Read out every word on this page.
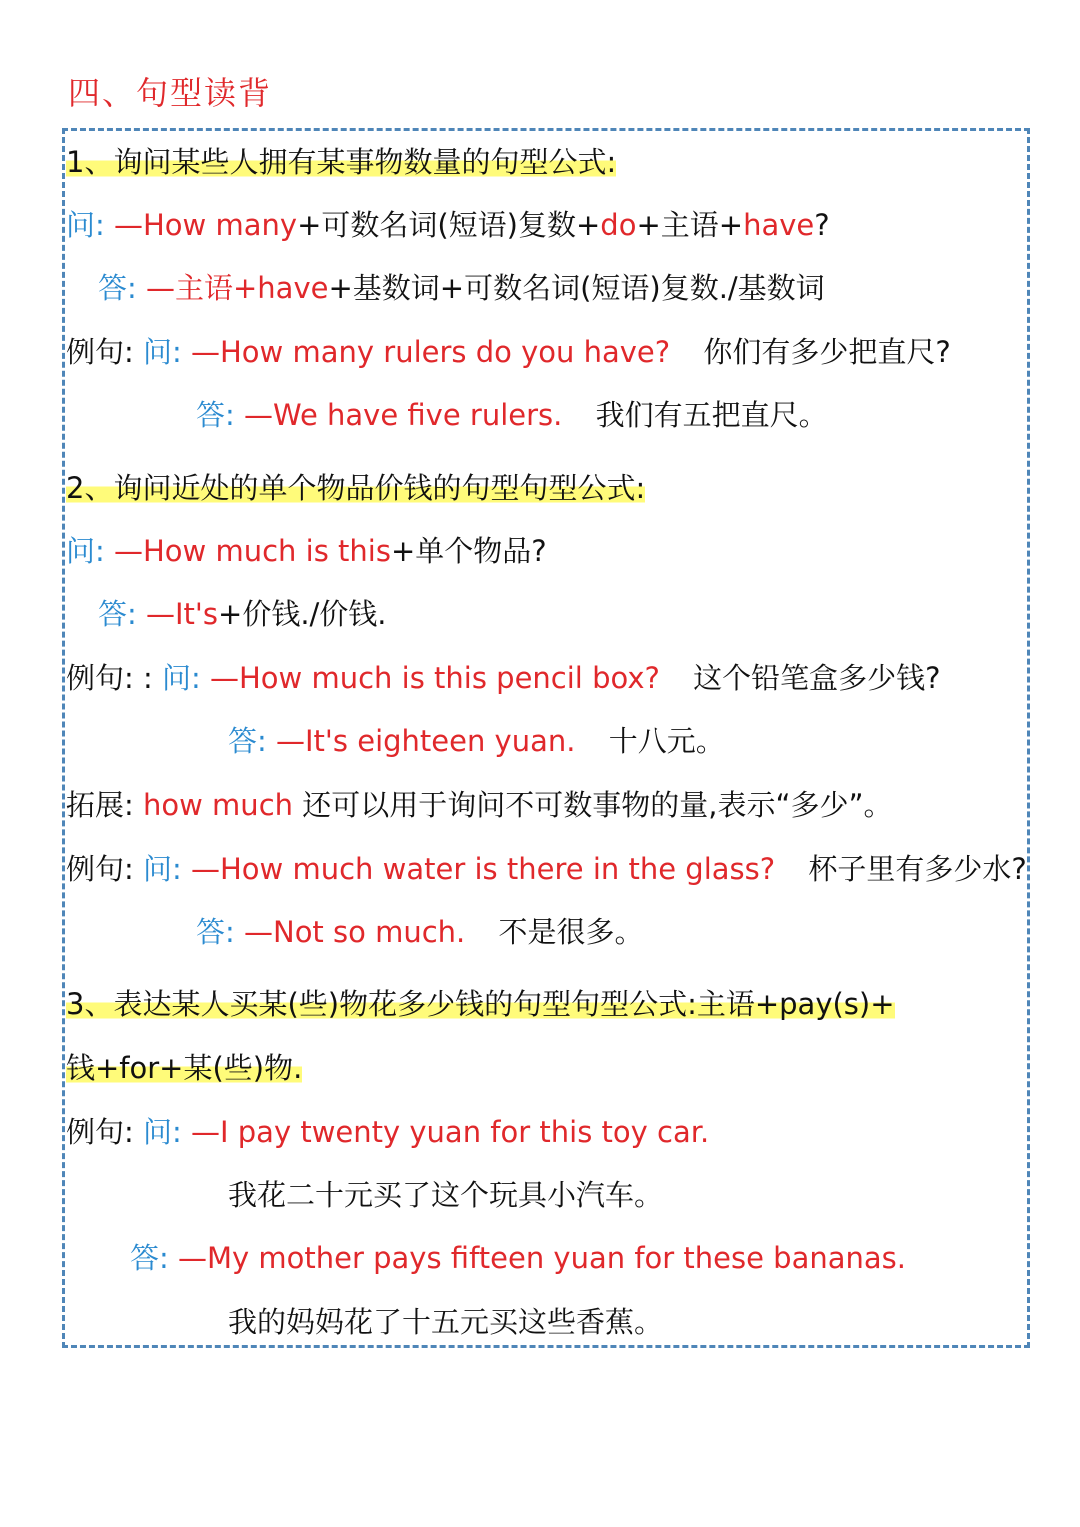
四、句型读背
1、询问某些人拥有某事物数量的句型公式:
问: —How many+可数名词(短语)复数+do+主语+have?
答: —主语+have+基数词+可数名词(短语)复数./基数词
例句: 问: —How many rulers do you have? 你们有多少把直尺?
答: —We have five rulers. 我们有五把直尺。
2、询问近处的单个物品价钱的句型句型公式:
问: —How much is this+单个物品?
答: —It's+价钱./价钱.
例句: : 问: —How much is this pencil box? 这个铅笔盒多少钱?
答: —It's eighteen yuan. 十八元。
拓展: how much 还可以用于询问不可数事物的量,表示“多少”。
例句: 问: —How much water is there in the glass? 杯子里有多少水?
答: —Not so much. 不是很多。
3、表达某人买某(些)物花多少钱的句型句型公式:主语+pay(s)+
钱+for+某(些)物.
例句: 问: —I pay twenty yuan for this toy car.
我花二十元买了这个玩具小汽车。
答: —My mother pays fifteen yuan for these bananas.
我的妈妈花了十五元买这些香蕉。
